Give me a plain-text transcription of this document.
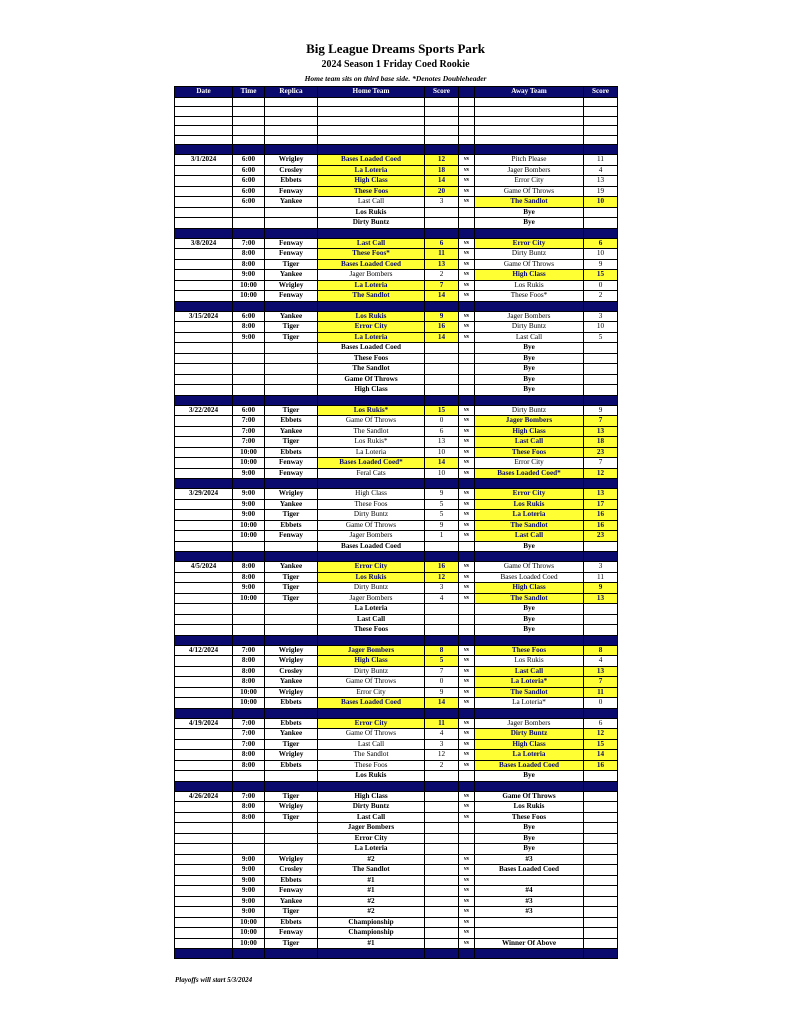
Big League Dreams Sports Park
2024 Season 1 Friday Coed Rookie
Home team sits on third base side. *Denotes Doubleheader
Date	Time	Replica	Home Team	Score		Away Team	Score

3/1/2024	6:00	Wrigley	Bases Loaded Coed	12	vs	Pitch Please	11
	6:00	Crosley	La Loteria	18	vs	Jager Bombers	4
	6:00	Ebbets	High Class	14	vs	Error City	13
	6:00	Fenway	These Foos	20	vs	Game Of Throws	19
	6:00	Yankee	Last Call	3	vs	The Sandlot	10
			Los Rukis			Bye	
			Dirty Buntz			Bye	

3/8/2024	7:00	Fenway	Last Call	6	vs	Error City	6
	8:00	Fenway	These Foos*	11	vs	Dirty Buntz	10
	8:00	Tiger	Bases Loaded Coed	13	vs	Game Of Throws	9
	9:00	Yankee	Jager Bombers	2	vs	High Class	15
	10:00	Wrigley	La Loteria	7	vs	Los Rukis	0
	10:00	Fenway	The Sandlot	14	vs	These Foos*	2

3/15/2024	6:00	Yankee	Los Rukis	9	vs	Jager Bombers	3
	8:00	Tiger	Error City	16	vs	Dirty Buntz	10
	9:00	Tiger	La Loteria	14	vs	Last Call	5
			Bases Loaded Coed			Bye	
			These Foos			Bye	
			The Sandlot			Bye	
			Game Of Throws			Bye	
			High Class			Bye	

3/22/2024	6:00	Tiger	Los Rukis*	15	vs	Dirty Buntz	9
	7:00	Ebbets	Game Of Throws	0	vs	Jager Bombers	7
	7:00	Yankee	The Sandlot	6	vs	High Class	13
	7:00	Tiger	Los Rukis*	13	vs	Last Call	18
	10:00	Ebbets	La Loteria	10	vs	These Foos	23
	10:00	Fenway	Bases Loaded Coed*	14	vs	Error City	7
	9:00	Fenway	Feral Cats	10	vs	Bases Loaded Coed*	12

3/29/2024	9:00	Wrigley	High Class	9	vs	Error City	13
	9:00	Yankee	These Foos	5	vs	Los Rukis	17
	9:00	Tiger	Dirty Buntz	5	vs	La Loteria	16
	10:00	Ebbets	Game Of Throws	9	vs	The Sandlot	16
	10:00	Fenway	Jager Bombers	1	vs	Last Call	23
			Bases Loaded Coed			Bye	

4/5/2024	8:00	Yankee	Error City	16	vs	Game Of Throws	3
	8:00	Tiger	Los Rukis	12	vs	Bases Loaded Coed	11
	9:00	Tiger	Dirty Buntz	3	vs	High Class	9
	10:00	Tiger	Jager Bombers	4	vs	The Sandlot	13
			La Loteria			Bye	
			Last Call			Bye	
			These Foos			Bye	

4/12/2024	7:00	Wrigley	Jager Bombers	8	vs	These Foos	8
	8:00	Wrigley	High Class	5	vs	Los Rukis	4
	8:00	Crosley	Dirty Buntz	7	vs	Last Call	13
	8:00	Yankee	Game Of Throws	0	vs	La Loteria*	7
	10:00	Wrigley	Error City	9	vs	The Sandlot	11
	10:00	Ebbets	Bases Loaded Coed	14	vs	La Loteria*	0

4/19/2024	7:00	Ebbets	Error City	11	vs	Jager Bombers	6
	7:00	Yankee	Game Of Throws	4	vs	Dirty Buntz	12
	7:00	Tiger	Last Call	3	vs	High Class	15
	8:00	Wrigley	The Sandlot	12	vs	La Loteria	14
	8:00	Ebbets	These Foos	2	vs	Bases Loaded Coed	16
			Los Rukis			Bye	

4/26/2024	7:00	Tiger	High Class		vs	Game Of Throws	
	8:00	Wrigley	Dirty Buntz		vs	Los Rukis	
	8:00	Tiger	Last Call		vs	These Foos	
			Jager Bombers			Bye	
			Error City			Bye	
			La Loteria			Bye	
	9:00	Wrigley	#2		vs	#3	
	9:00	Crosley	The Sandlot		vs	Bases Loaded Coed	
	9:00	Ebbets	#1		vs		
	9:00	Fenway	#1		vs	#4	
	9:00	Yankee	#2		vs	#3	
	9:00	Tiger	#2		vs	#3	
	10:00	Ebbets	Championship		vs		
	10:00	Fenway	Championship		vs		
	10:00	Tiger	#1		vs	Winner Of Above	

Playoffs will start 5/3/2024
